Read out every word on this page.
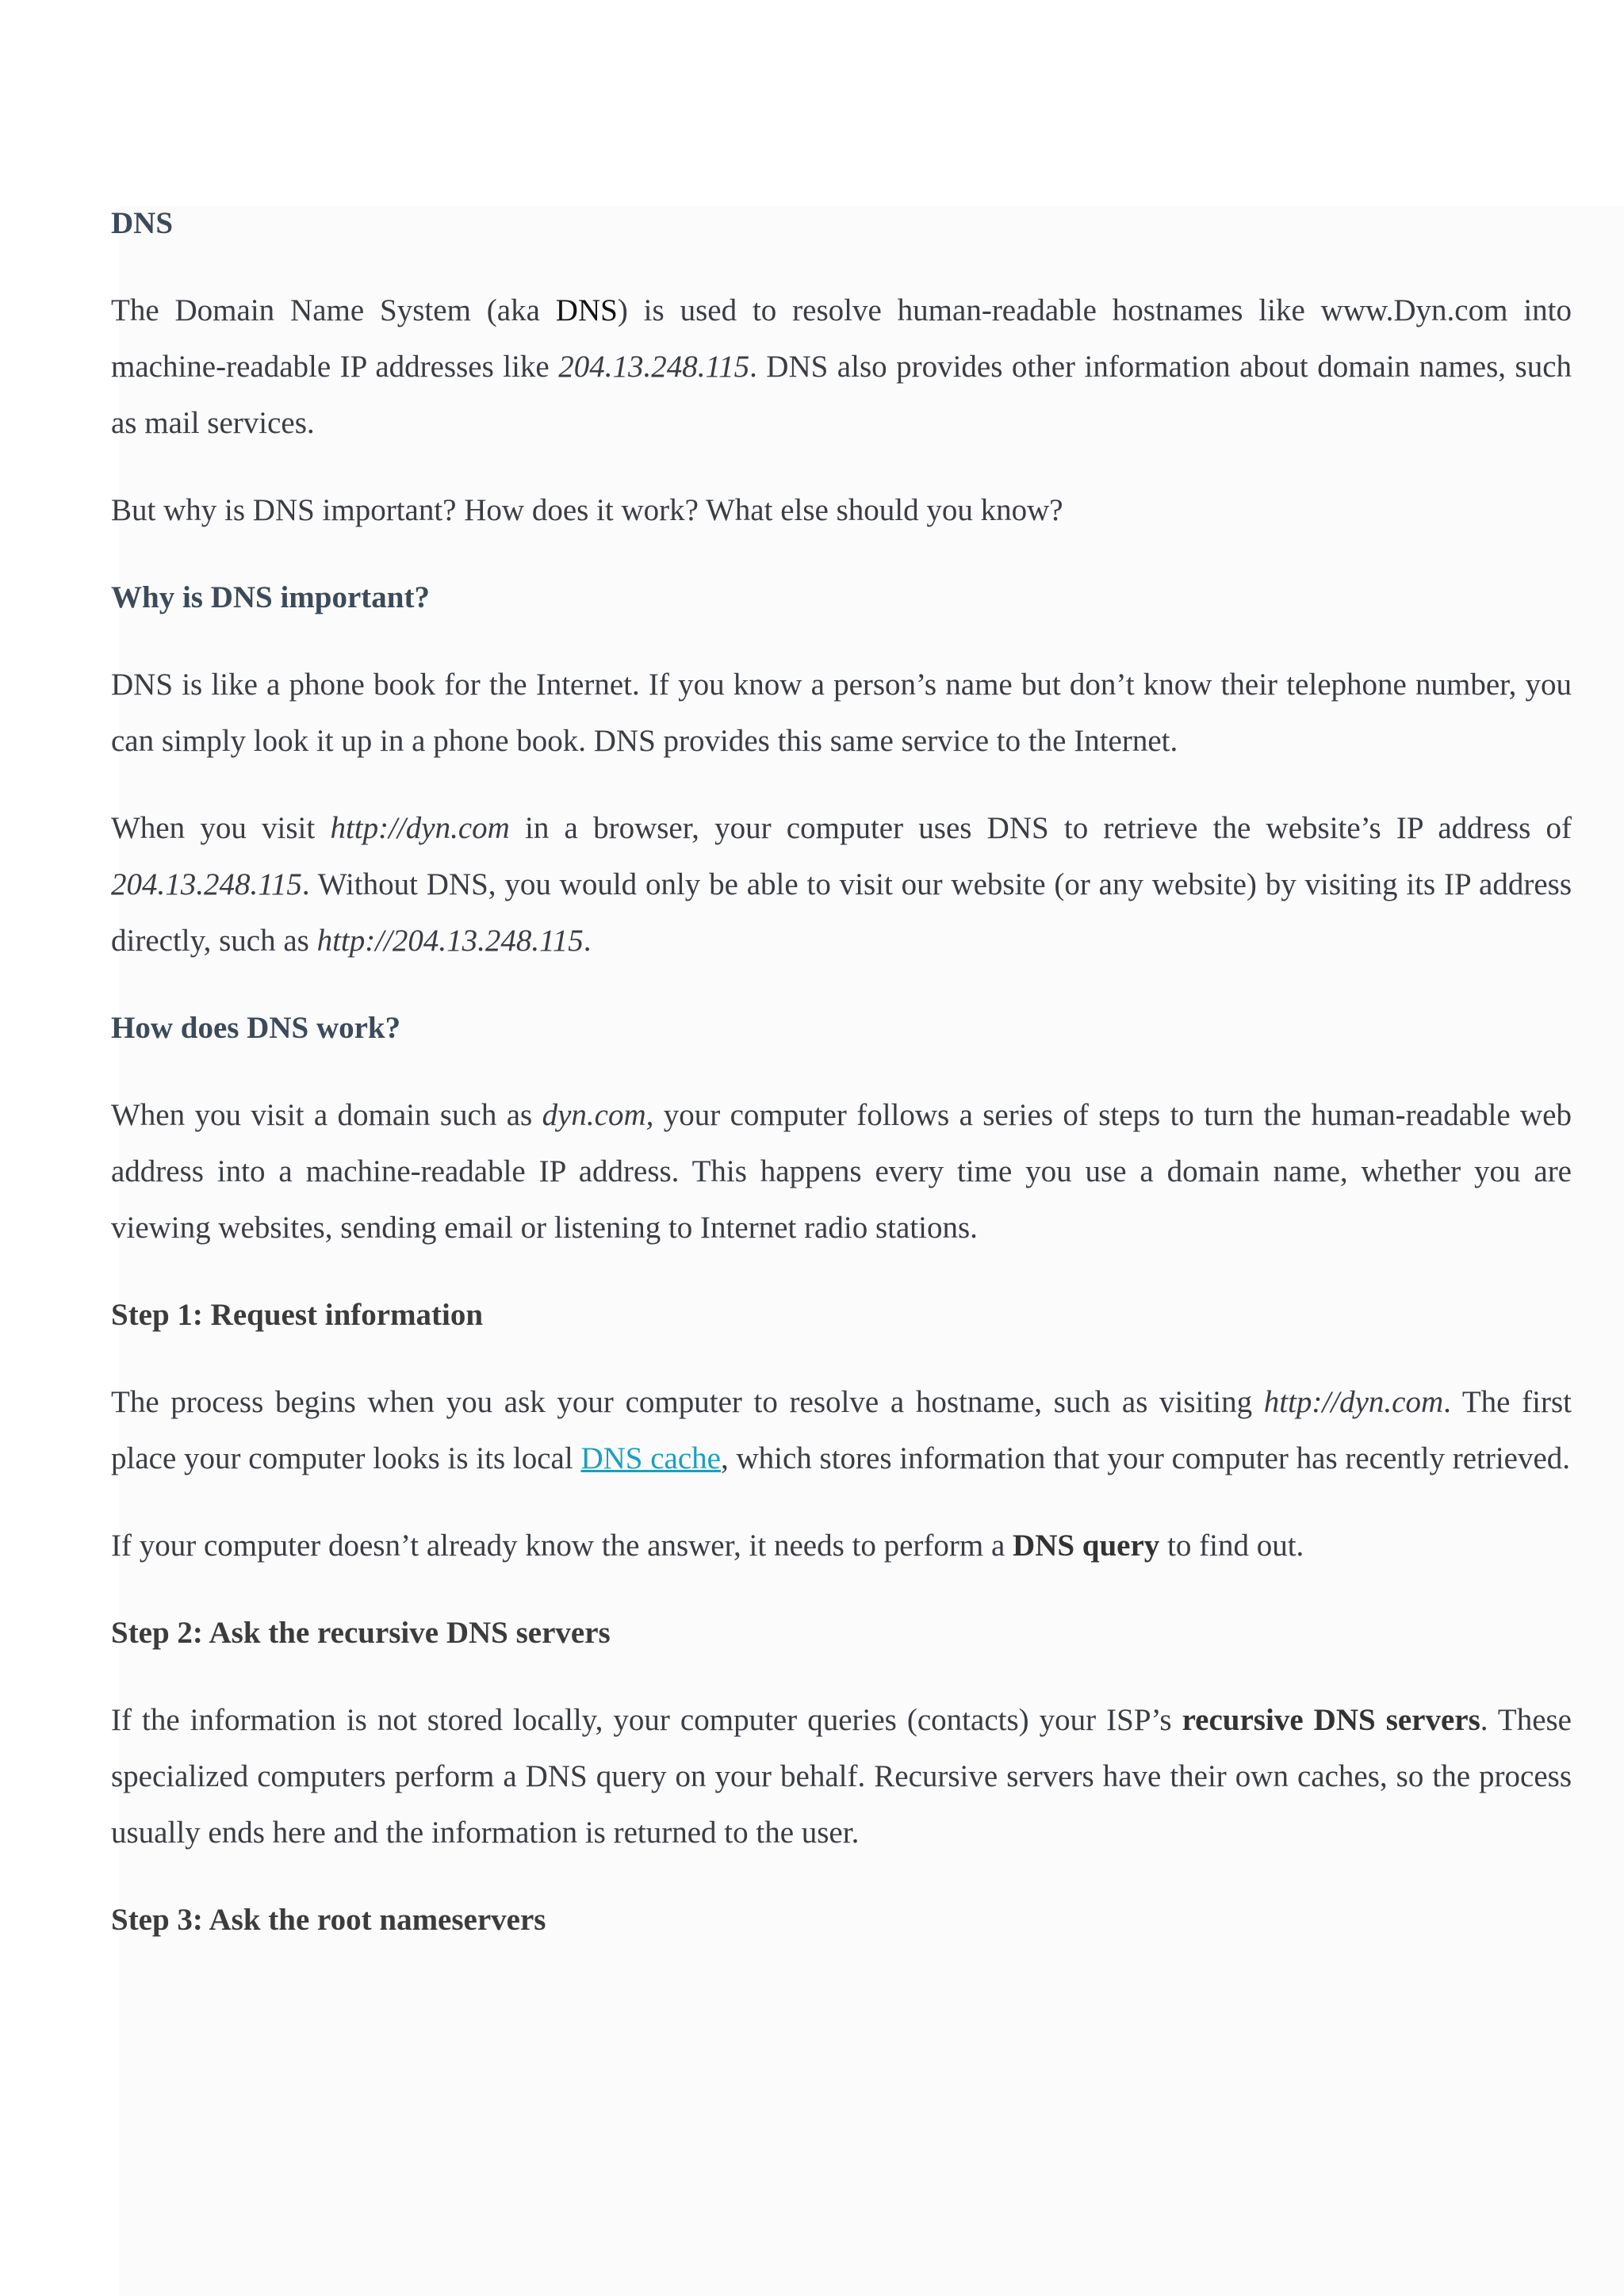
DNS

The Domain Name System (aka DNS) is used to resolve human-readable hostnames like www.Dyn.com into machine-readable IP addresses like 204.13.248.115. DNS also provides other information about domain names, such as mail services.

But why is DNS important? How does it work? What else should you know?

Why is DNS important?

DNS is like a phone book for the Internet. If you know a person’s name but don’t know their telephone number, you can simply look it up in a phone book. DNS provides this same service to the Internet.

When you visit http://dyn.com in a browser, your computer uses DNS to retrieve the website’s IP address of 204.13.248.115. Without DNS, you would only be able to visit our website (or any website) by visiting its IP address directly, such as http://204.13.248.115.

How does DNS work?

When you visit a domain such as dyn.com, your computer follows a series of steps to turn the human-readable web address into a machine-readable IP address. This happens every time you use a domain name, whether you are viewing websites, sending email or listening to Internet radio stations.

Step 1: Request information

The process begins when you ask your computer to resolve a hostname, such as visiting http://dyn.com. The first place your computer looks is its local DNS cache, which stores information that your computer has recently retrieved.

If your computer doesn’t already know the answer, it needs to perform a DNS query to find out.

Step 2: Ask the recursive DNS servers

If the information is not stored locally, your computer queries (contacts) your ISP’s recursive DNS servers. These specialized computers perform a DNS query on your behalf. Recursive servers have their own caches, so the process usually ends here and the information is returned to the user.

Step 3: Ask the root nameservers
